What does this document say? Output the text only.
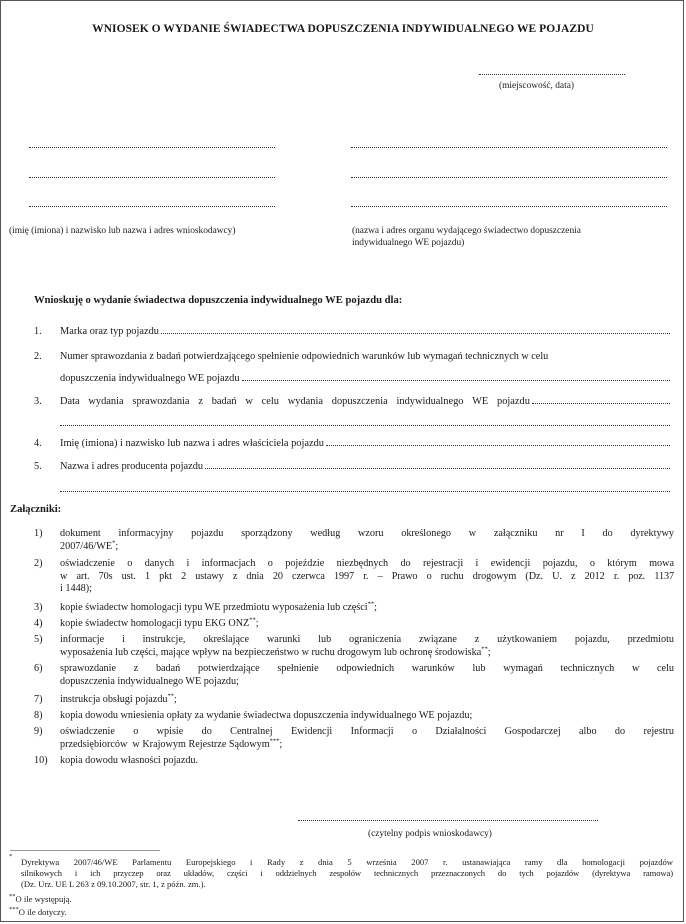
WNIOSEK O WYDANIE ŚWIADECTWA DOPUSZCZENIA INDYWIDUALNEGO WE POJAZDU
(miejscowość, data)
(imię (imiona) i nazwisko lub nazwa i adres wnioskodawcy)	(nazwa i adres organu wydającego świadectwo dopuszczenia
indywidualnego WE pojazdu)
Wnioskuję o wydanie świadectwa dopuszczenia indywidualnego WE pojazdu dla:
1. Marka oraz typ pojazdu
2. Numer sprawozdania z badań potwierdzającego spełnienie odpowiednich warunków lub wymagań technicznych w celu
dopuszczenia indywidualnego WE pojazdu
3. Data wydania sprawozdania z badań w celu wydania dopuszczenia indywidualnego WE pojazdu
4. Imię (imiona) i nazwisko lub nazwa i adres właściciela pojazdu
5. Nazwa i adres producenta pojazdu
Załączniki:
1) dokument informacyjny pojazdu sporządzony według wzoru określonego w załączniku nr I do dyrektywy
2007/46/WE*;
2) oświadczenie o danych i informacjach o pojeździe niezbędnych do rejestracji i ewidencji pojazdu, o którym mowa
w art. 70s ust. 1 pkt 2 ustawy z dnia 20 czerwca 1997 r. – Prawo o ruchu drogowym (Dz. U. z 2012 r. poz. 1137
i 1448);
3) kopie świadectw homologacji typu WE przedmiotu wyposażenia lub części**;
4) kopie świadectw homologacji typu EKG ONZ**;
5) informacje i instrukcje, określające warunki lub ograniczenia związane z użytkowaniem pojazdu, przedmiotu
wyposażenia lub części, mające wpływ na bezpieczeństwo w ruchu drogowym lub ochronę środowiska**;
6) sprawozdanie z badań potwierdzające spełnienie odpowiednich warunków lub wymagań technicznych w celu
dopuszczenia indywidualnego WE pojazdu;
7) instrukcja obsługi pojazdu**;
8) kopia dowodu wniesienia opłaty za wydanie świadectwa dopuszczenia indywidualnego WE pojazdu;
9) oświadczenie o wpisie do Centralnej Ewidencji Informacji o Działalności Gospodarczej albo do rejestru
przedsiębiorców  w Krajowym Rejestrze Sądowym***;
10) kopia dowodu własności pojazdu.
(czytelny podpis wnioskodawcy)
*
Dyrektywa 2007/46/WE Parlamentu Europejskiego i Rady z dnia 5 września 2007 r. ustanawiająca ramy dla homologacji pojazdów
silnikowych i ich przyczep oraz układów, części i oddzielnych zespołów technicznych przeznaczonych do tych pojazdów (dyrektywa ramowa)
(Dz. Urz. UE L 263 z 09.10.2007, str. 1, z późn. zm.).
**O ile występują.
***O ile dotyczy.
